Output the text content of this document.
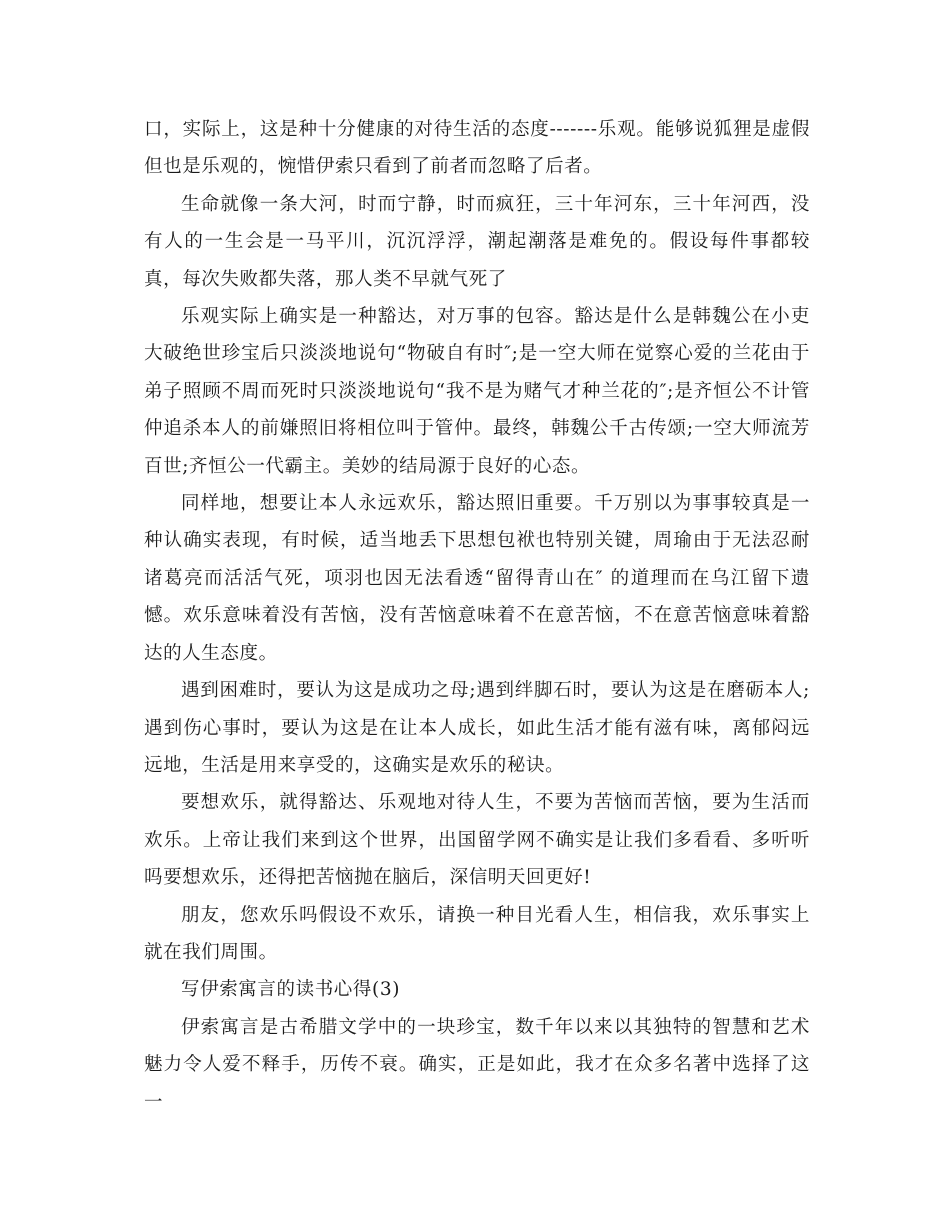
口，实际上，这是种十分健康的对待生活的态度-------乐观。能够说狐狸是虚假但也是乐观的，惋惜伊索只看到了前者而忽略了后者。

生命就像一条大河，时而宁静，时而疯狂，三十年河东，三十年河西，没有人的一生会是一马平川，沉沉浮浮，潮起潮落是难免的。假设每件事都较真，每次失败都失落，那人类不早就气死了

乐观实际上确实是一种豁达，对万事的包容。豁达是什么是韩魏公在小吏大破绝世珍宝后只淡淡地说句“物破自有时″;是一空大师在觉察心爱的兰花由于弟子照顾不周而死时只淡淡地说句“我不是为赌气才种兰花的″;是齐恒公不计管仲追杀本人的前嫌照旧将相位叫于管仲。最终，韩魏公千古传颂;一空大师流芳百世;齐恒公一代霸主。美妙的结局源于良好的心态。

同样地，想要让本人永远欢乐，豁达照旧重要。千万别以为事事较真是一种认确实表现，有时候，适当地丢下思想包袱也特别关键，周瑜由于无法忍耐诸葛亮而活活气死，项羽也因无法看透“留得青山在″ 的道理而在乌江留下遗憾。欢乐意味着没有苦恼，没有苦恼意味着不在意苦恼，不在意苦恼意味着豁达的人生态度。

遇到困难时，要认为这是成功之母;遇到绊脚石时，要认为这是在磨砺本人;遇到伤心事时，要认为这是在让本人成长，如此生活才能有滋有味，离郁闷远远地，生活是用来享受的，这确实是欢乐的秘诀。

要想欢乐，就得豁达、乐观地对待人生，不要为苦恼而苦恼，要为生活而欢乐。上帝让我们来到这个世界，出国留学网不确实是让我们多看看、多听听吗要想欢乐，还得把苦恼抛在脑后，深信明天回更好!

朋友，您欢乐吗假设不欢乐，请换一种目光看人生，相信我，欢乐事实上就在我们周围。

写伊索寓言的读书心得(3)

伊索寓言是古希腊文学中的一块珍宝，数千年以来以其独特的智慧和艺术魅力令人爱不释手，历传不衰。确实，正是如此，我才在众多名著中选择了这一
